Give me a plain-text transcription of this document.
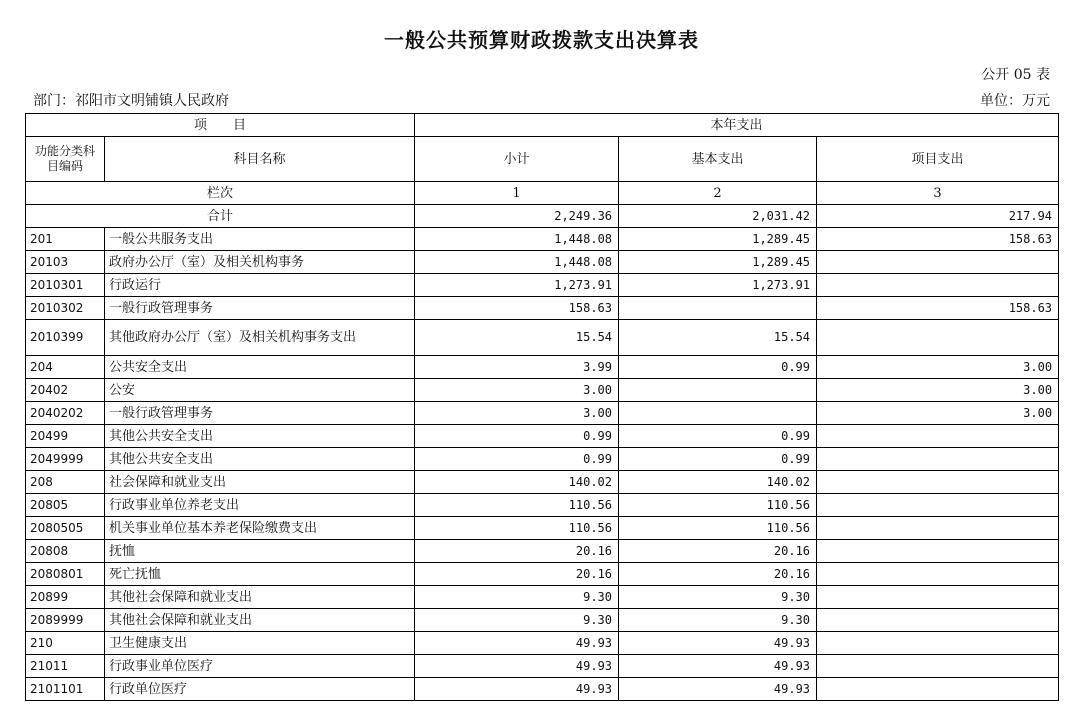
一般公共预算财政拨款支出决算表
公开 05 表
部门：祁阳市文明铺镇人民政府	单位：万元
项　　目		本年支出		
功能分类科目编码	科目名称	小计	基本支出	项目支出
栏次		1	2	3
合计		2,249.36	2,031.42	217.94
201	一般公共服务支出	1,448.08	1,289.45	158.63
20103	政府办公厅（室）及相关机构事务	1,448.08	1,289.45	
2010301	行政运行	1,273.91	1,273.91	
2010302	一般行政管理事务	158.63		158.63
2010399	其他政府办公厅（室）及相关机构事务支出	15.54	15.54	
204	公共安全支出	3.99	0.99	3.00
20402	公安	3.00		3.00
2040202	一般行政管理事务	3.00		3.00
20499	其他公共安全支出	0.99	0.99	
2049999	其他公共安全支出	0.99	0.99	
208	社会保障和就业支出	140.02	140.02	
20805	行政事业单位养老支出	110.56	110.56	
2080505	机关事业单位基本养老保险缴费支出	110.56	110.56	
20808	抚恤	20.16	20.16	
2080801	死亡抚恤	20.16	20.16	
20899	其他社会保障和就业支出	9.30	9.30	
2089999	其他社会保障和就业支出	9.30	9.30	
210	卫生健康支出	49.93	49.93	
21011	行政事业单位医疗	49.93	49.93	
2101101	行政单位医疗	49.93	49.93	
